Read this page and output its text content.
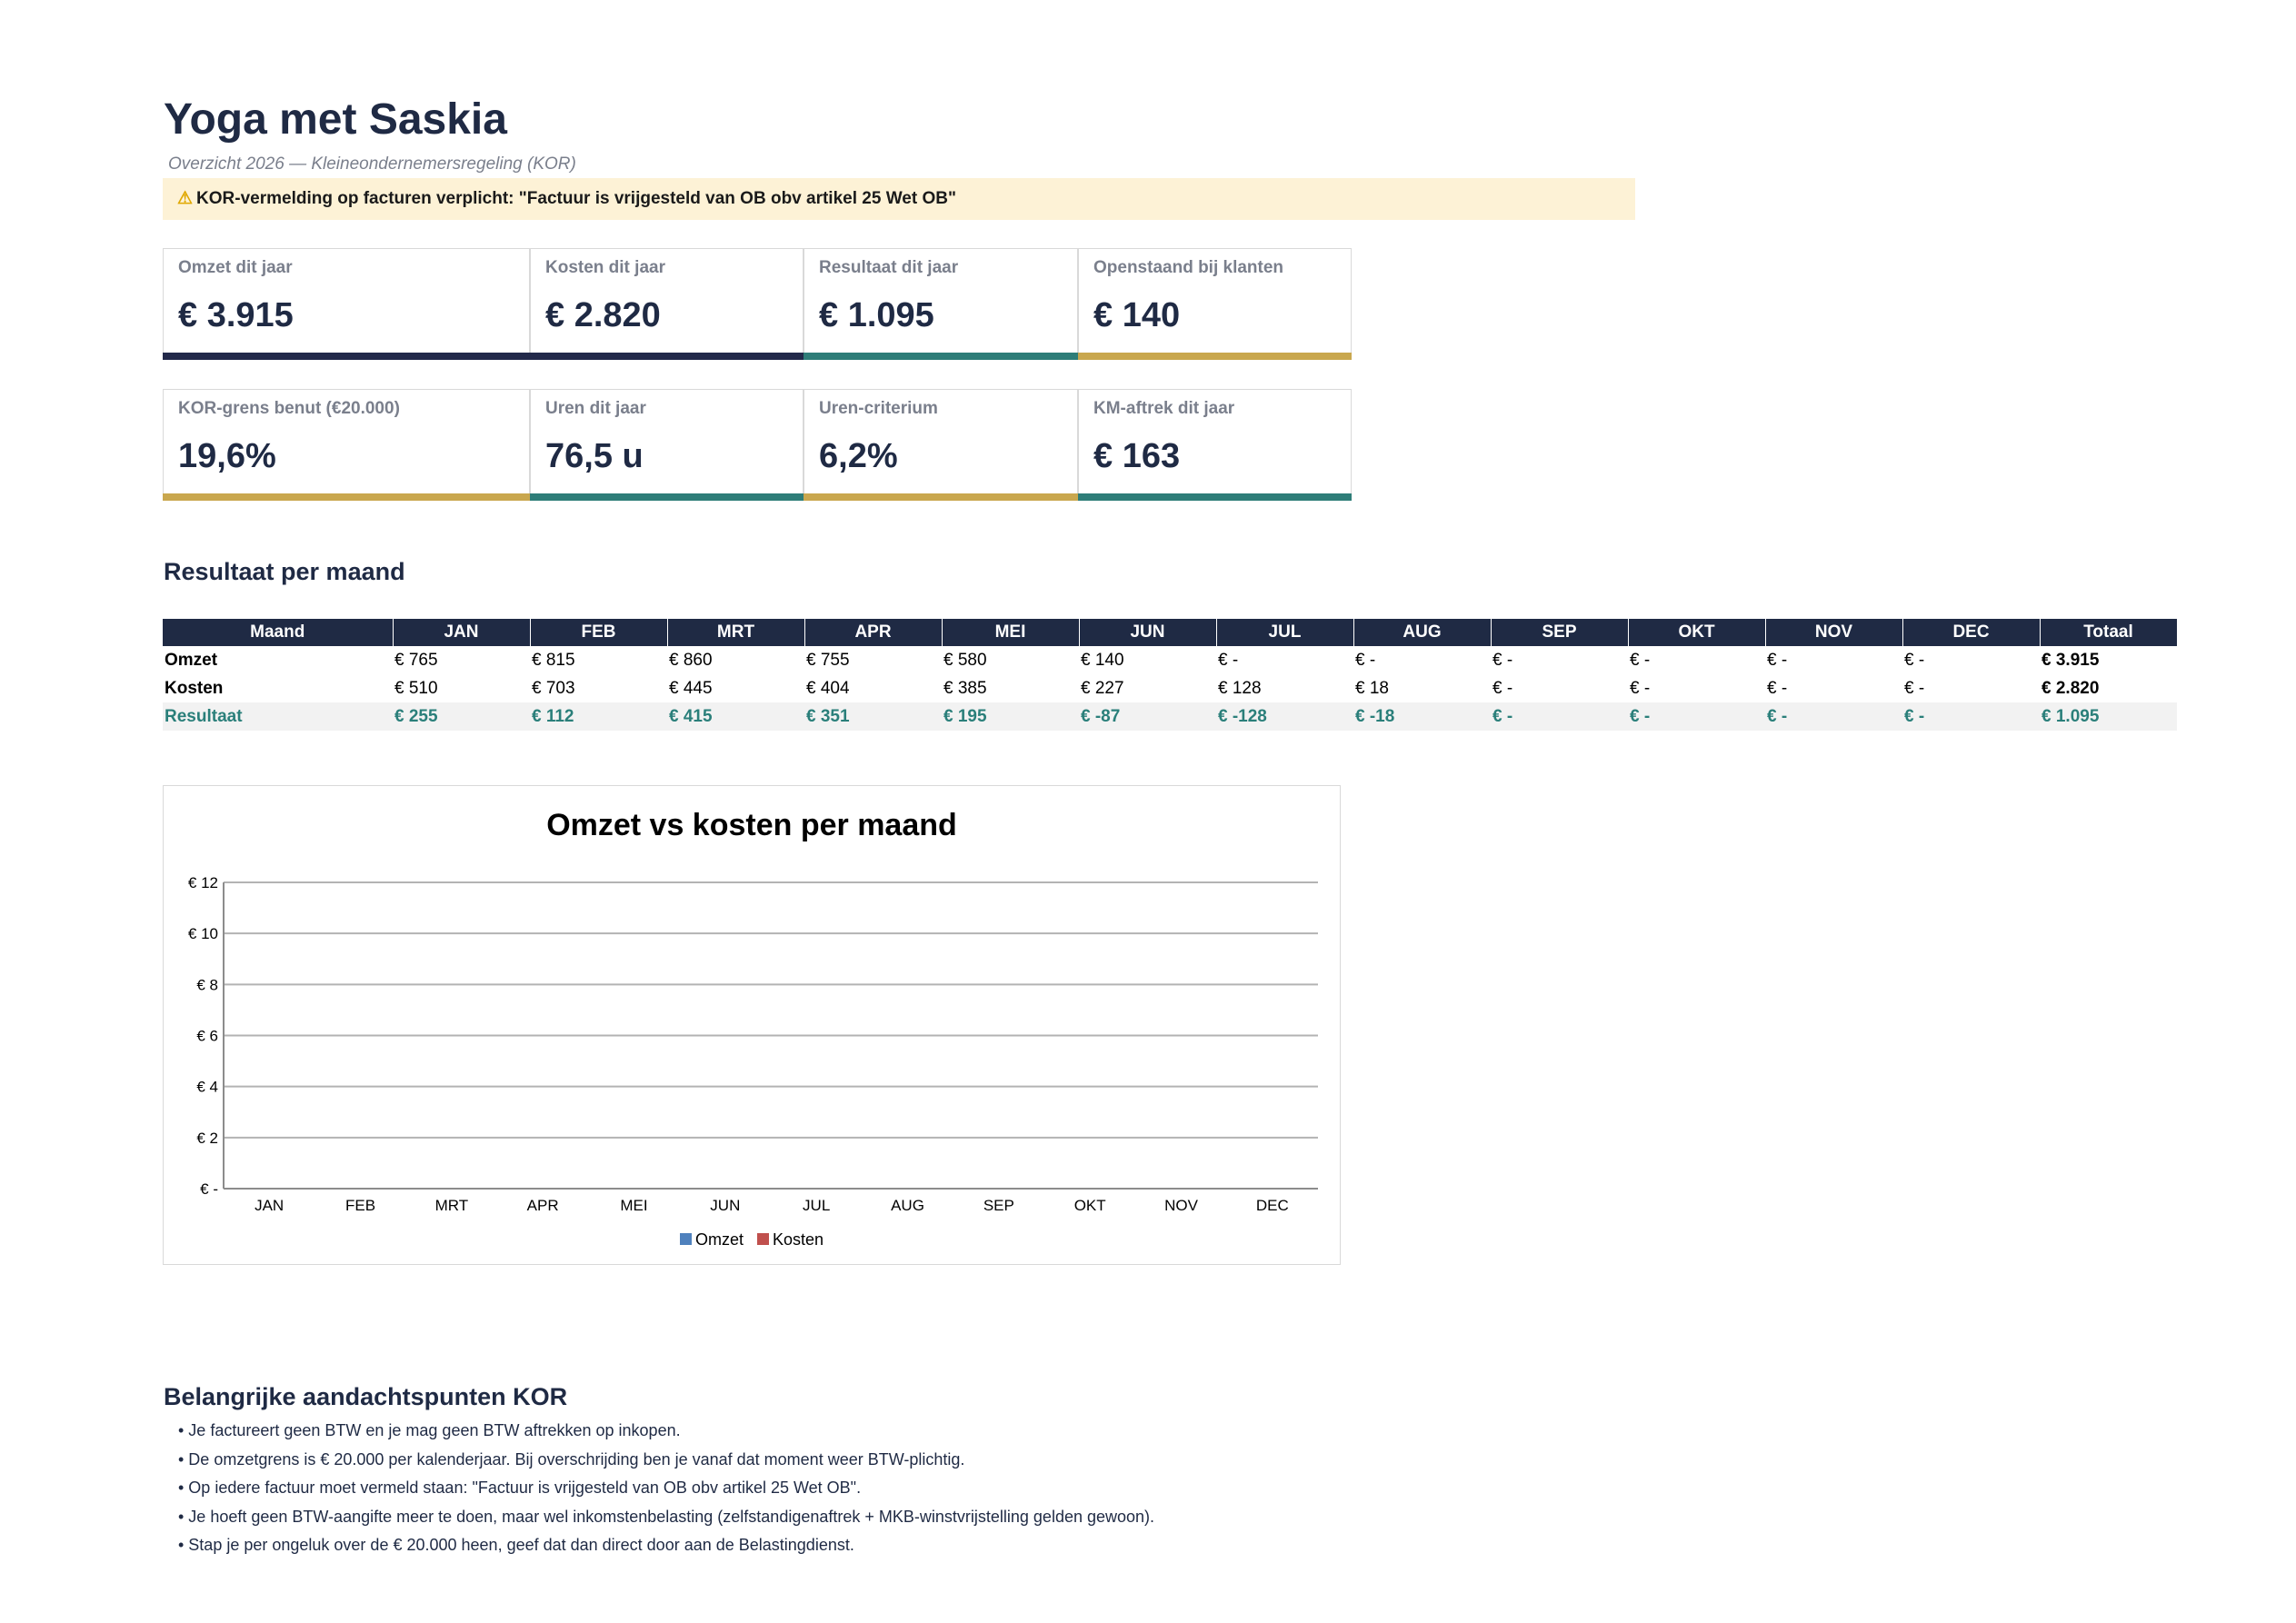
Yoga met Saskia
Overzicht 2026 — Kleineondernemersregeling (KOR)
⚠ KOR-vermelding op facturen verplicht: "Factuur is vrijgesteld van OB obv artikel 25 Wet OB"
Omzet dit jaar
€ 3.915
Kosten dit jaar
€ 2.820
Resultaat dit jaar
€ 1.095
Openstaand bij klanten
€ 140
KOR-grens benut (€20.000)
19,6%
Uren dit jaar
76,5 u
Uren-criterium
6,2%
KM-aftrek dit jaar
€ 163
Resultaat per maand
Maand	JAN	FEB	MRT	APR	MEI	JUN	JUL	AUG	SEP	OKT	NOV	DEC	Totaal
Omzet	€ 765	€ 815	€ 860	€ 755	€ 580	€ 140	€ -	€ -	€ -	€ -	€ -	€ -	€ 3.915
Kosten	€ 510	€ 703	€ 445	€ 404	€ 385	€ 227	€ 128	€ 18	€ -	€ -	€ -	€ -	€ 2.820
Resultaat	€ 255	€ 112	€ 415	€ 351	€ 195	€ -87	€ -128	€ -18	€ -	€ -	€ -	€ -	€ 1.095
Omzet vs kosten per maand
€ -
€ 2
€ 4
€ 6
€ 8
€ 10
€ 12
JAN	FEB	MRT	APR	MEI	JUN	JUL	AUG	SEP	OKT	NOV	DEC
Omzet Kosten
Belangrijke aandachtspunten KOR
• Je factureert geen BTW en je mag geen BTW aftrekken op inkopen.
• De omzetgrens is € 20.000 per kalenderjaar. Bij overschrijding ben je vanaf dat moment weer BTW-plichtig.
• Op iedere factuur moet vermeld staan: "Factuur is vrijgesteld van OB obv artikel 25 Wet OB".
• Je hoeft geen BTW-aangifte meer te doen, maar wel inkomstenbelasting (zelfstandigenaftrek + MKB-winstvrijstelling gelden gewoon).
• Stap je per ongeluk over de € 20.000 heen, geef dat dan direct door aan de Belastingdienst.
